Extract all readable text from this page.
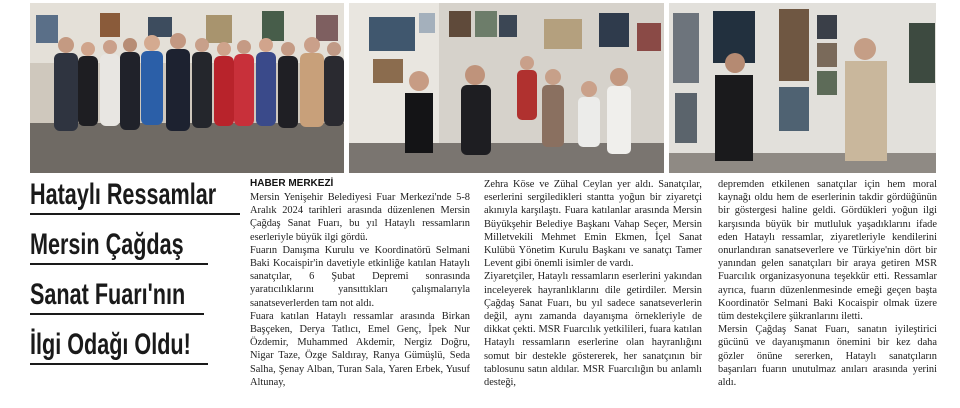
Hataylı Ressamlar
Mersin Çağdaş
Sanat Fuarı'nın
İlgi Odağı Oldu!
HABER MERKEZİ

Mersin Yenişehir Belediyesi Fuar Merkezi'nde 5-8 Aralık 2024 tarihleri arasında düzenlenen Mersin Çağdaş Sanat Fuarı, bu yıl Hataylı ressamların eserleriyle büyük ilgi gördü.

Fuarın Danışma Kurulu ve Koordinatörü Selmani Baki Kocaispir'in davetiyle etkinliğe katılan Hataylı sanatçılar, 6 Şubat Depremi sonrasında yaratıcılıklarını yansıttıkları çalışmalarıyla sanatseverlerden tam not aldı.

Fuara katılan Hataylı ressamlar arasında Birkan Başçeken, Derya Tatlıcı, Emel Genç, İpek Nur Özdemir, Muhammed Akdemir, Nergiz Doğru, Nigar Taze, Özge Saldıray, Ranya Gümüşlü, Seda Salha, Şenay Alban, Turan Sala, Yaren Erbek, Yusuf Altunay,

Zehra Köse ve Zühal Ceylan yer aldı. Sanatçılar, eserlerini sergiledikleri stantta yoğun bir ziyaretçi akınıyla karşılaştı. Fuara katılanlar arasında Mersin Büyükşehir Belediye Başkanı Vahap Seçer, Mersin Milletvekili Mehmet Emin Ekmen, İçel Sanat Kulübü Yönetim Kurulu Başkanı ve sanatçı Tamer Levent gibi önemli isimler de vardı.

Ziyaretçiler, Hataylı ressamların eserlerini yakından inceleyerek hayranlıklarını dile getirdiler. Mersin Çağdaş Sanat Fuarı, bu yıl sadece sanatseverlerin değil, aynı zamanda dayanışma örnekleriyle de dikkat çekti. MSR Fuarcılık yetkilileri, fuara katılan Hataylı ressamların eserlerine olan hayranlığını somut bir destekle göstererek, her sanatçının bir tablosunu satın aldılar. MSR Fuarcılığın bu anlamlı desteği,

depremden etkilenen sanatçılar için hem moral kaynağı oldu hem de eserlerinin takdir gördüğünün bir göstergesi haline geldi. Gördükleri yoğun ilgi karşısında büyük bir mutluluk yaşadıklarını ifade eden Hataylı ressamlar, ziyaretleriyle kendilerini onurlandıran sanatseverlere ve Türkiye'nin dört bir yanından gelen sanatçıları bir araya getiren MSR Fuarcılık organizasyonuna teşekkür etti. Ressamlar ayrıca, fuarın düzenlenmesinde emeği geçen başta Koordinatör Selmani Baki Kocaispir olmak üzere tüm destekçilere şükranlarını iletti.

Mersin Çağdaş Sanat Fuarı, sanatın iyileştirici gücünü ve dayanışmanın önemini bir kez daha gözler önüne sererken, Hataylı sanatçıların başarıları fuarın unutulmaz anıları arasında yerini aldı.
